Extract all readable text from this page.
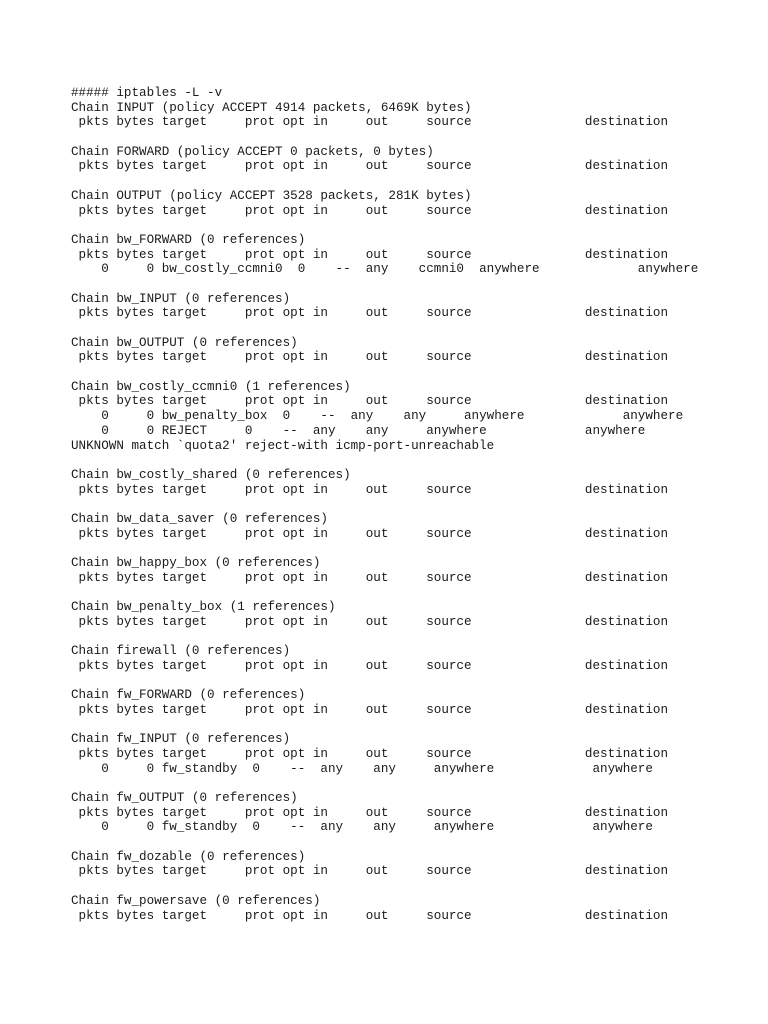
##### iptables -L -v
Chain INPUT (policy ACCEPT 4914 packets, 6469K bytes)
pkts bytes target     prot opt in     out     source               destination
Chain FORWARD (policy ACCEPT 0 packets, 0 bytes)
pkts bytes target     prot opt in     out     source               destination
Chain OUTPUT (policy ACCEPT 3528 packets, 281K bytes)
pkts bytes target     prot opt in     out     source               destination
Chain bw_FORWARD (0 references)
pkts bytes target     prot opt in     out     source               destination
0     0 bw_costly_ccmni0  0    --  any    ccmni0  anywhere             anywhere
Chain bw_INPUT (0 references)
pkts bytes target     prot opt in     out     source               destination
Chain bw_OUTPUT (0 references)
pkts bytes target     prot opt in     out     source               destination
Chain bw_costly_ccmni0 (1 references)
pkts bytes target     prot opt in     out     source               destination
0     0 bw_penalty_box  0    --  any    any     anywhere             anywhere
0     0 REJECT     0    --  any    any     anywhere             anywhere
UNKNOWN match `quota2' reject-with icmp-port-unreachable
Chain bw_costly_shared (0 references)
pkts bytes target     prot opt in     out     source               destination
Chain bw_data_saver (0 references)
pkts bytes target     prot opt in     out     source               destination
Chain bw_happy_box (0 references)
pkts bytes target     prot opt in     out     source               destination
Chain bw_penalty_box (1 references)
pkts bytes target     prot opt in     out     source               destination
Chain firewall (0 references)
pkts bytes target     prot opt in     out     source               destination
Chain fw_FORWARD (0 references)
pkts bytes target     prot opt in     out     source               destination
Chain fw_INPUT (0 references)
pkts bytes target     prot opt in     out     source               destination
0     0 fw_standby  0    --  any    any     anywhere             anywhere
Chain fw_OUTPUT (0 references)
pkts bytes target     prot opt in     out     source               destination
0     0 fw_standby  0    --  any    any     anywhere             anywhere
Chain fw_dozable (0 references)
pkts bytes target     prot opt in     out     source               destination
Chain fw_powersave (0 references)
pkts bytes target     prot opt in     out     source               destination
